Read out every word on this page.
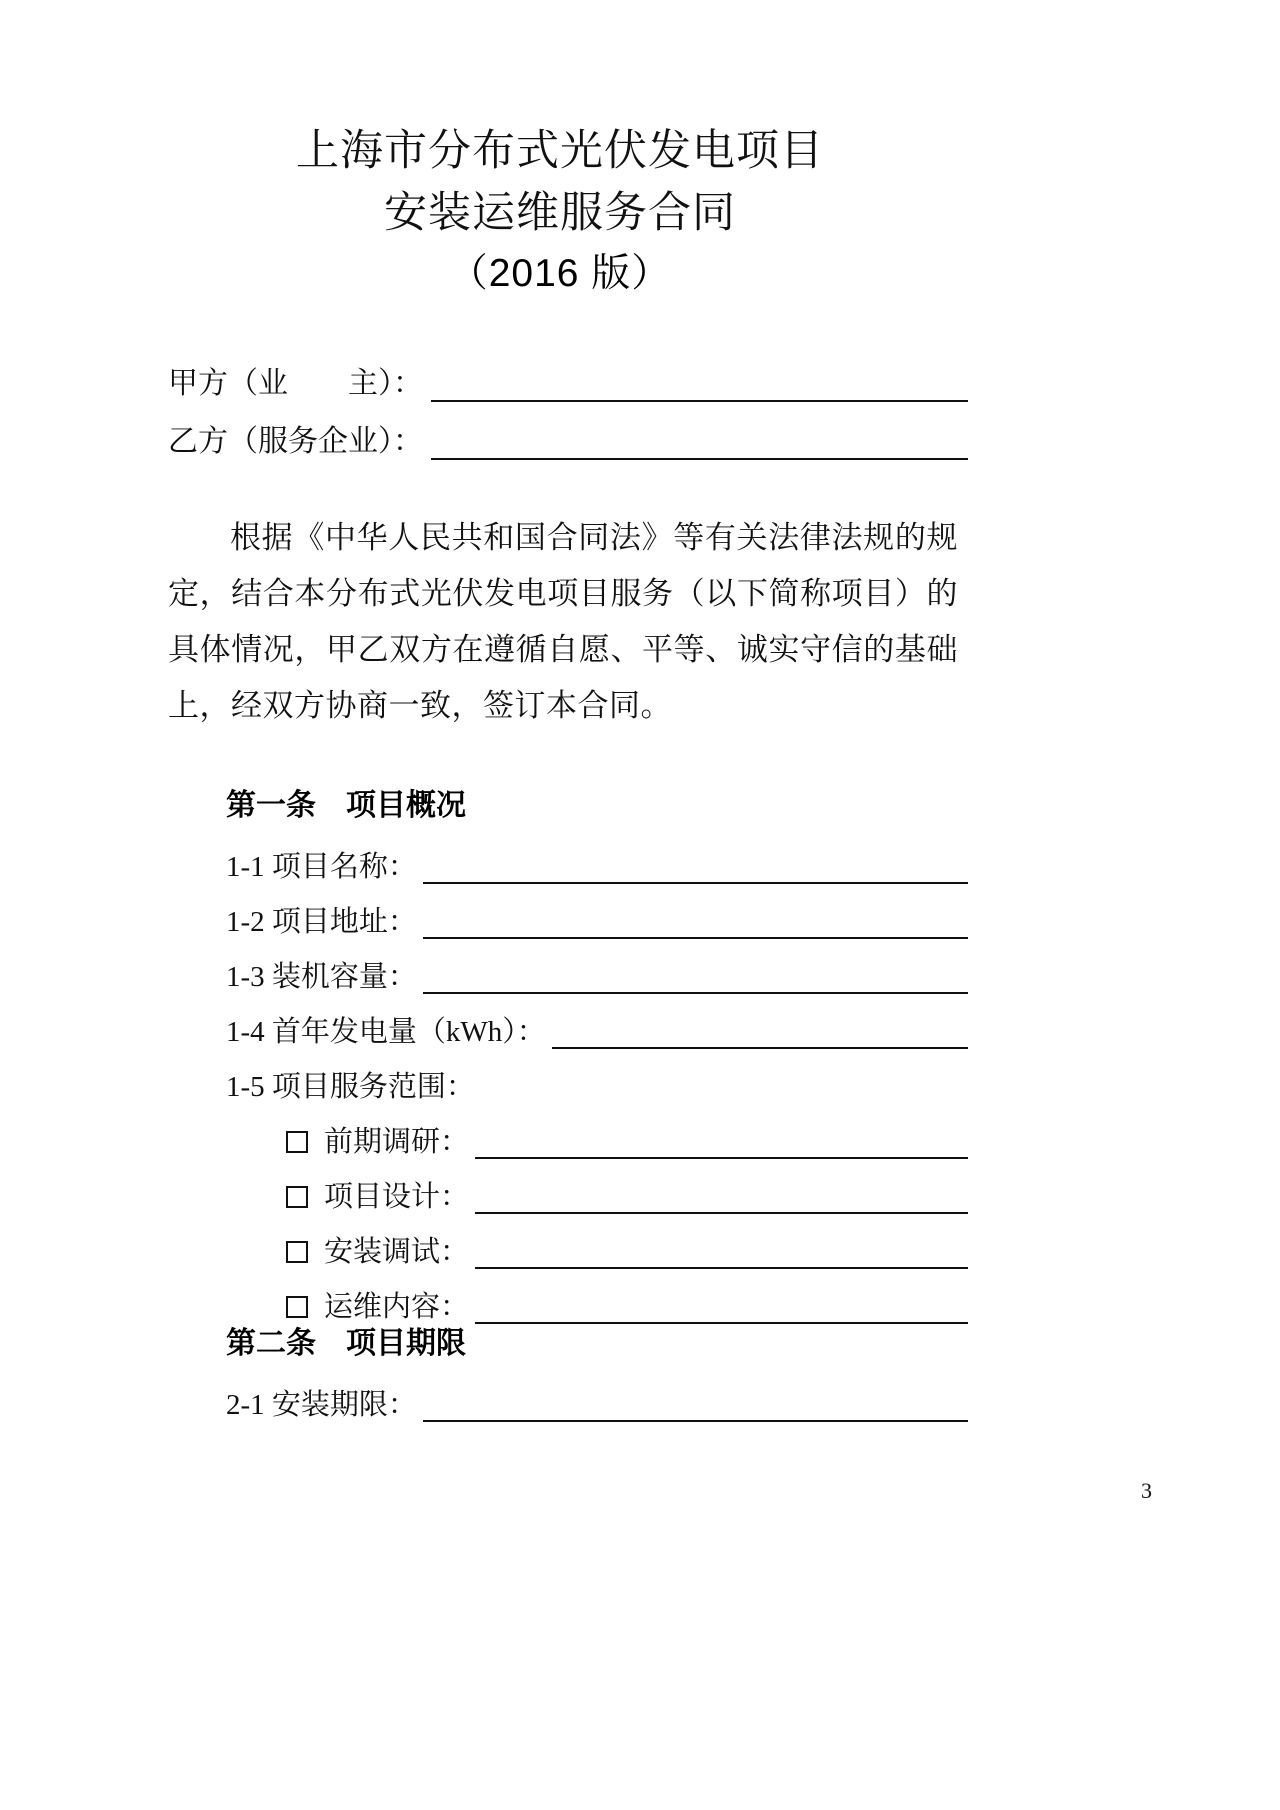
上海市分布式光伏发电项目
安装运维服务合同
（2016 版）
甲方（业　　主）：
乙方（服务企业）：
根据《中华人民共和国合同法》等有关法律法规的规定，结合本分布式光伏发电项目服务（以下简称项目）的具体情况，甲乙双方在遵循自愿、平等、诚实守信的基础上，经双方协商一致，签订本合同。
第一条　项目概况
1-1 项目名称：
1-2 项目地址：
1-3 装机容量：
1-4 首年发电量（kWh）：
1-5 项目服务范围：
前期调研：
项目设计：
安装调试：
运维内容：
第二条　项目期限
2-1 安装期限：
3
